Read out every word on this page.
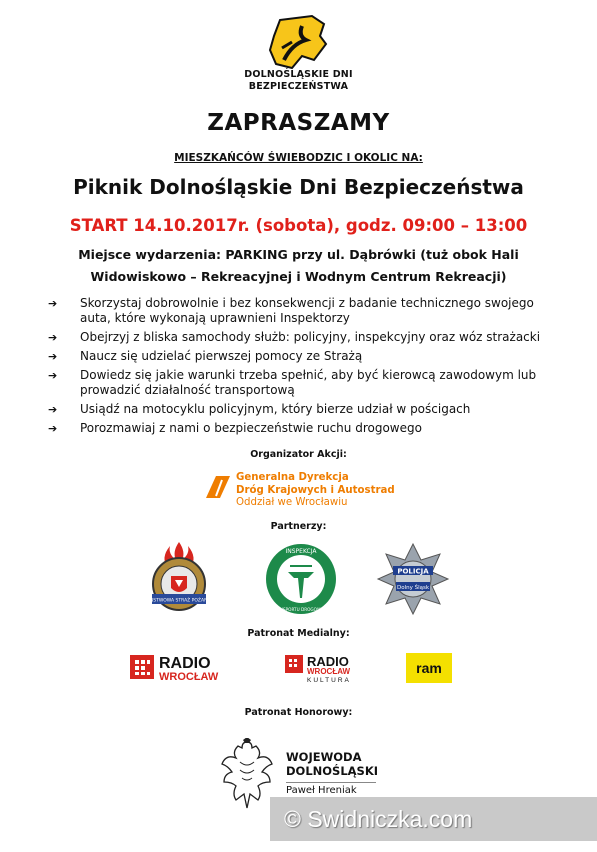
DOLNOŚLĄSKIE DNI
BEZPIECZEŃSTWA
ZAPRASZAMY
MIESZKAŃCÓW ŚWIEBODZIC I OKOLIC NA:
Piknik Dolnośląskie Dni Bezpieczeństwa
START 14.10.2017r. (sobota), godz. 09:00 – 13:00
Miejsce wydarzenia: PARKING przy ul. Dąbrówki (tuż obok Hali
Widowiskowo – Rekreacyjnej i Wodnym Centrum Rekreacji)
➔ Skorzystaj dobrowolnie i bez konsekwencji z badanie technicznego swojego auta, które wykonają uprawnieni Inspektorzy
➔ Obejrzyj z bliska samochody służb: policyjny, inspekcyjny oraz wóz strażacki
➔ Naucz się udzielać pierwszej pomocy ze Strażą
➔ Dowiedz się jakie warunki trzeba spełnić, aby być kierowcą zawodowym lub prowadzić działalność transportową
➔ Usiądź na motocyklu policyjnym, który bierze udział w pościgach
➔ Porozmawiaj z nami o bezpieczeństwie ruchu drogowego
Organizator Akcji:
Generalna Dyrekcja
Dróg Krajowych i Autostrad
Oddział we Wrocławiu
Partnerzy:
PAŃSTWOWA STRAŻ POŻARNA
INSPEKCJA
TRANSPORTU DROGOWEGO
POLICJA
Dolny Śląsk
Patronat Medialny:
RADIO
WROCŁAW
RADIO
WROCŁAW
KULTURA
ram
Patronat Honorowy:
WOJEWODA
DOLNOŚLĄSKI
Paweł Hreniak
© Swidniczka.com
